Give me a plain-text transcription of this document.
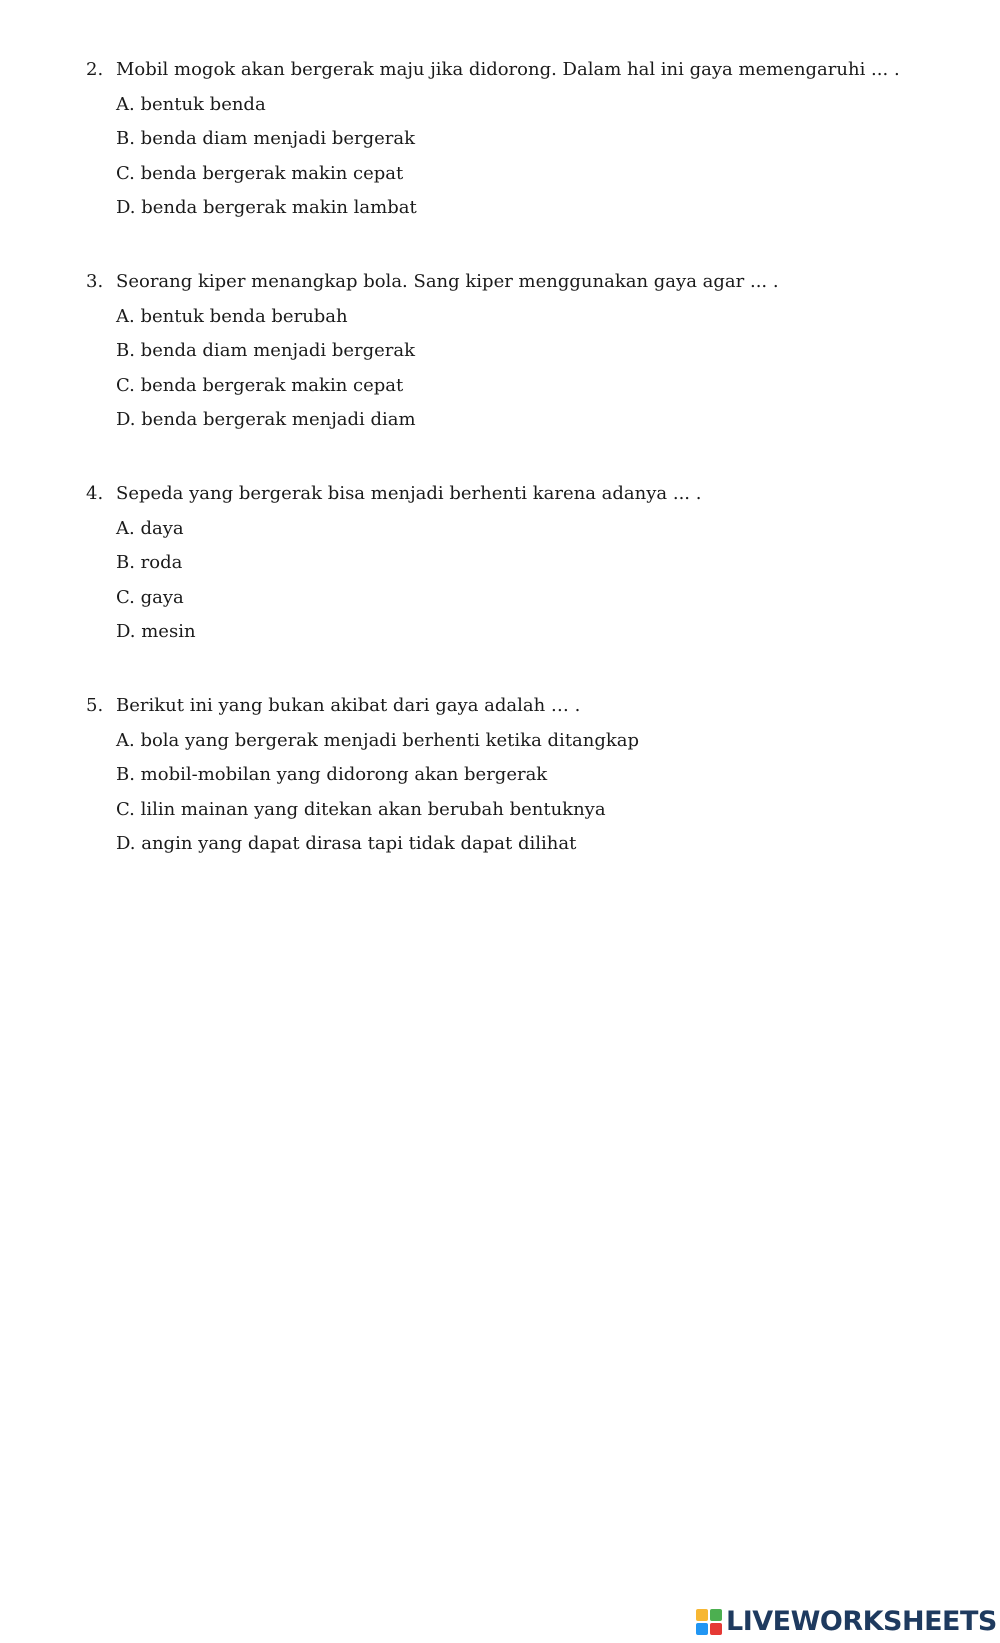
2. Mobil mogok akan bergerak maju jika didorong. Dalam hal ini gaya memengaruhi ... .
A. bentuk benda
B. benda diam menjadi bergerak
C. benda bergerak makin cepat
D. benda bergerak makin lambat
3. Seorang kiper menangkap bola. Sang kiper menggunakan gaya agar ... .
A. bentuk benda berubah
B. benda diam menjadi bergerak
C. benda bergerak makin cepat
D. benda bergerak menjadi diam
4. Sepeda yang bergerak bisa menjadi berhenti karena adanya ... .
A. daya
B. roda
C. gaya
D. mesin
5. Berikut ini yang bukan akibat dari gaya adalah … .
A. bola yang bergerak menjadi berhenti ketika ditangkap
B. mobil-mobilan yang didorong akan bergerak
C. lilin mainan yang ditekan akan berubah bentuknya
D. angin yang dapat dirasa tapi tidak dapat dilihat
LIVEWORKSHEETS
